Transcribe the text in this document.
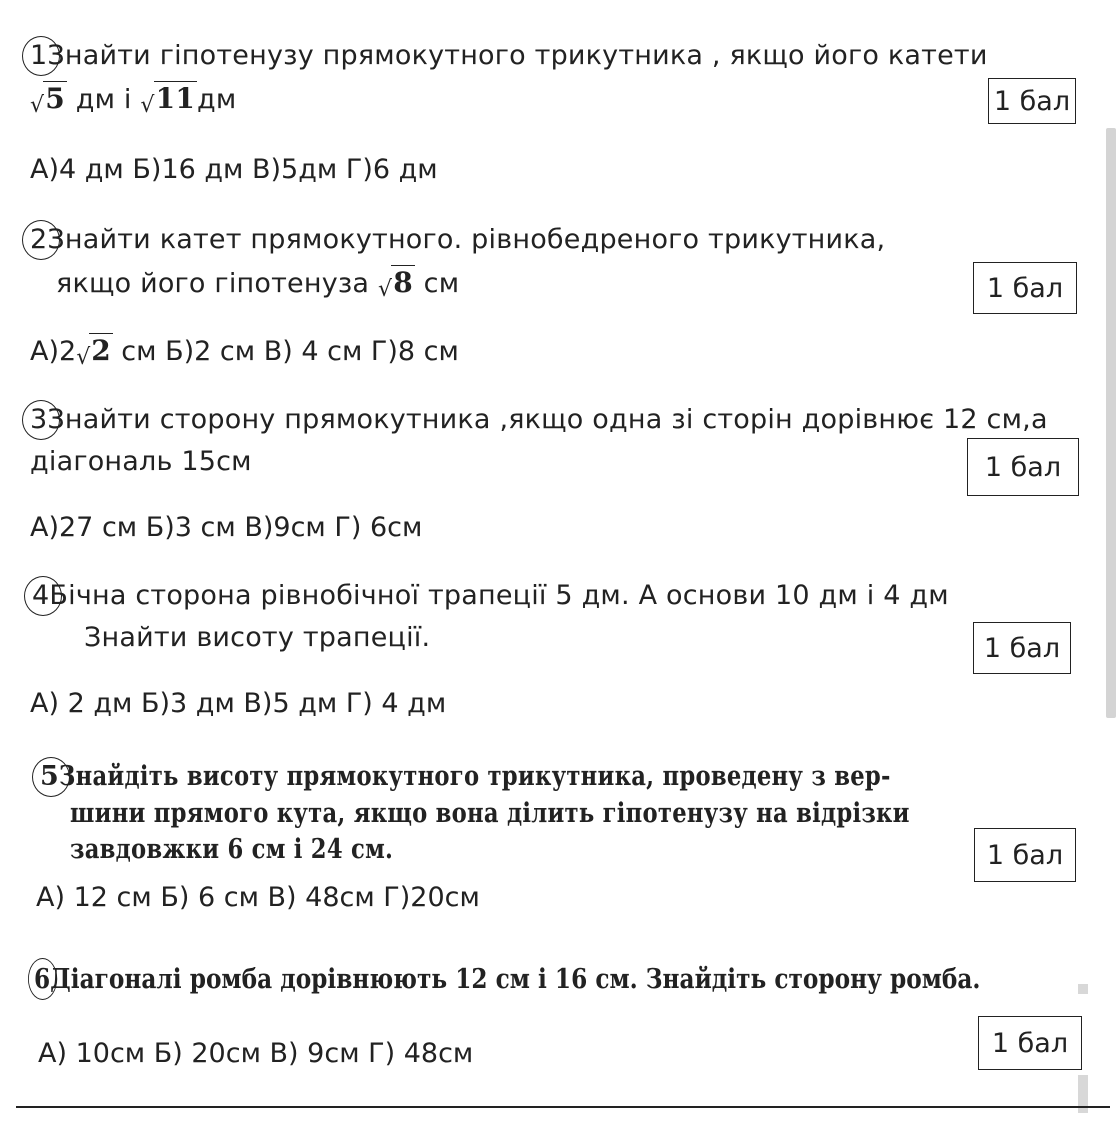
1Знайти гіпотенузу прямокутного трикутника , якщо його катети
√5 дм і √11дм	1 бал
А)4 дм Б)16 дм В)5дм Г)6 дм
2Знайти катет прямокутного. рівнобедреного трикутника,
якщо його гіпотенуза √8 см	1 бал
А)2√2 см Б)2 см В) 4 см Г)8 см
3Знайти сторону прямокутника ,якщо одна зі сторін дорівнює 12 см,а
діагональ 15см	1 бал
А)27 см Б)3 см В)9см Г) 6см
4Бічна сторона рівнобічної трапеції 5 дм. А основи 10 дм і 4 дм
Знайти висоту трапеції.	1 бал
А) 2 дм Б)3 дм В)5 дм Г) 4 дм
5Знайдіть висоту прямокутного трикутника, проведену з вер-
шини прямого кута, якщо вона ділить гіпотенузу на відрізки
завдовжки 6 см і 24 см.	1 бал
А) 12 см Б) 6 см В) 48см Г)20см
6Діагоналі ромба дорівнюють 12 см і 16 см. Знайдіть сторону ромба.
1 бал
А) 10см Б) 20см В) 9см Г) 48см
